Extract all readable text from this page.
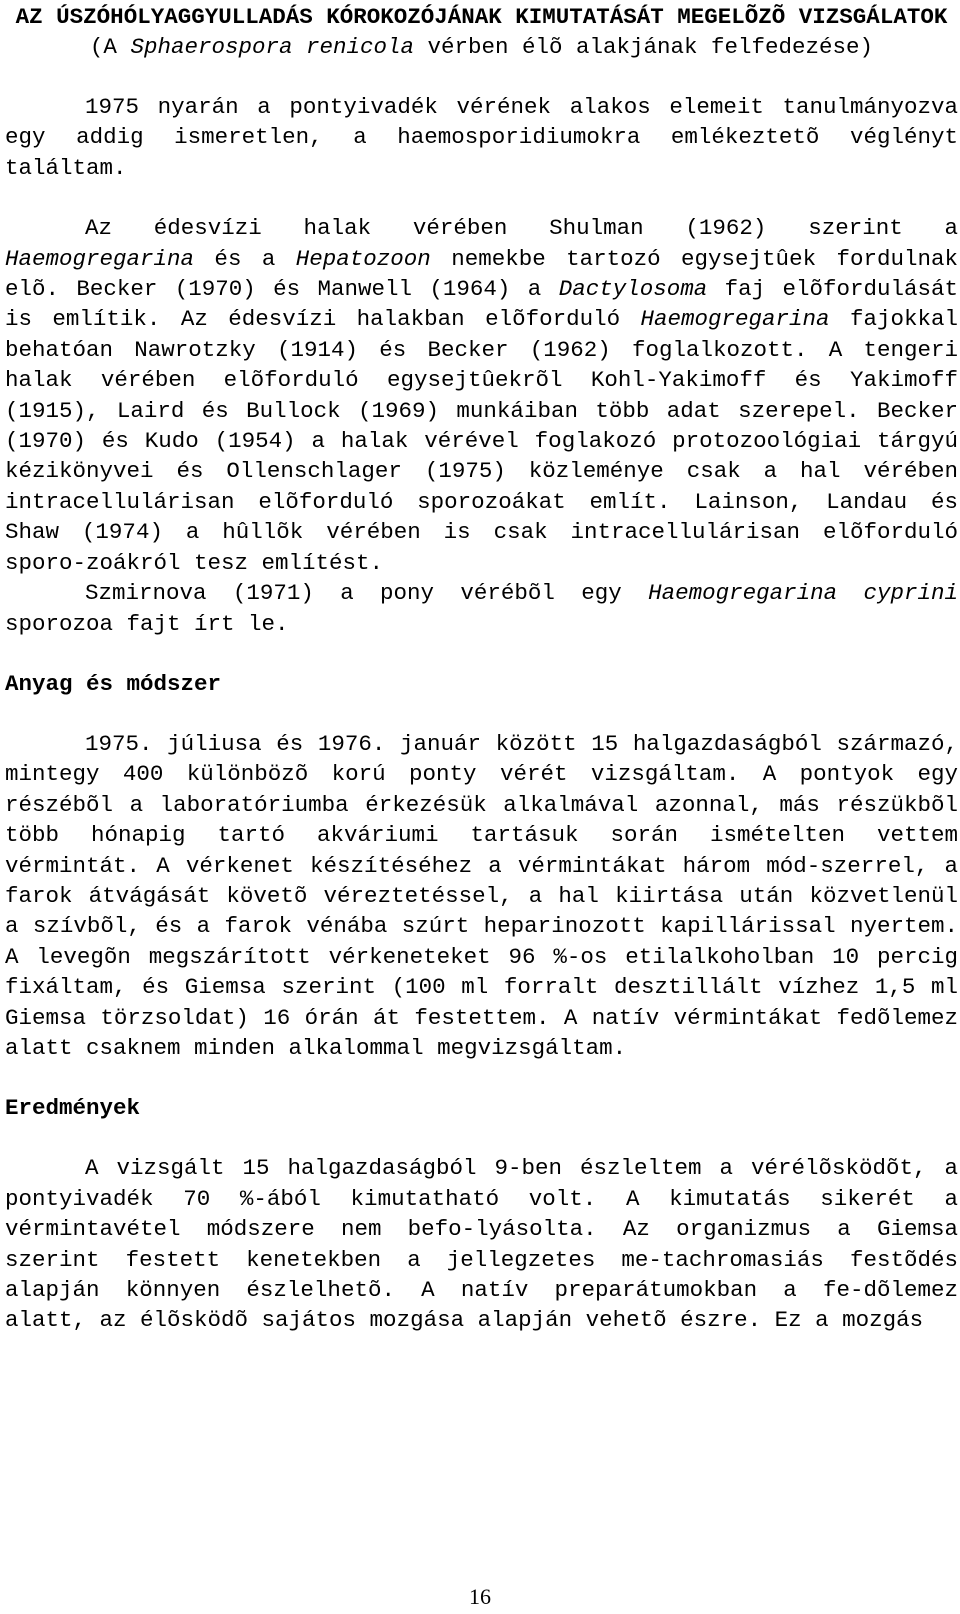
AZ ÚSZÓHÓLYAGGYULLADÁS KÓROKOZÓJÁNAK KIMUTATÁSÁT MEGELÕZÕ VIZSGÁLATOK

(A Sphaerospora renicola vérben élõ alakjának felfedezése)

1975 nyarán a pontyivadék vérének alakos elemeit tanulmányozva egy addig ismeretlen, a haemosporidiumokra emlékeztetõ véglényt találtam.

Az édesvízi halak vérében Shulman (1962) szerint a Haemogregarina és a Hepatozoon nemekbe tartozó egysejtûek fordulnak elõ. Becker (1970) és Manwell (1964) a Dactylosoma faj elõfordulását is említik. Az édesvízi halakban elõforduló Haemogregarina fajokkal behatóan Nawrotzky (1914) és Becker (1962) foglalkozott. A tengeri halak vérében elõforduló egysejtûekrõl Kohl-Yakimoff és Yakimoff (1915), Laird és Bullock (1969) munkáiban több adat szerepel. Becker (1970) és Kudo (1954) a halak vérével foglakozó protozoológiai tárgyú kézikönyvei és Ollenschlager (1975) közleménye csak a hal vérében intracellulárisan elõforduló sporozoákat említ. Lainson, Landau és Shaw (1974) a hûllõk vérében is csak intracellulárisan elõforduló sporo-zoákról tesz említést.

Szmirnova (1971) a pony vérébõl egy Haemogregarina cyprini sporozoa fajt írt le.

Anyag és módszer

1975. júliusa és 1976. január között 15 halgazdaságból származó, mintegy 400 különbözõ korú ponty vérét vizsgáltam. A pontyok egy részébõl a laboratóriumba érkezésük alkalmával azonnal, más részükbõl több hónapig tartó akváriumi tartásuk során ismételten vettem vérmintát. A vérkenet készítéséhez a vérmintákat három mód-szerrel, a farok átvágását követõ véreztetéssel, a hal kiirtása után közvetlenül a szívbõl, és a farok vénába szúrt heparinozott kapillárissal nyertem. A levegõn megszárított vérkeneteket 96 %-os etilalkoholban 10 percig fixáltam, és Giemsa szerint (100 ml forralt desztillált vízhez 1,5 ml Giemsa törzsoldat) 16 órán át festettem. A natív vérmintákat fedõlemez alatt csaknem minden alkalommal megvizsgáltam.

Eredmények

A vizsgált 15 halgazdaságból 9-ben észleltem a vérélõsködõt, a pontyivadék 70 %-ából kimutatható volt. A kimutatás sikerét a vérmintavétel módszere nem befo-lyásolta. Az organizmus a Giemsa szerint festett kenetekben a jellegzetes me-tachromasiás festõdés alapján könnyen észlelhetõ. A natív preparátumokban a fe-dõlemez alatt, az élõsködõ sajátos mozgása alapján vehetõ észre. Ez a mozgás

16
